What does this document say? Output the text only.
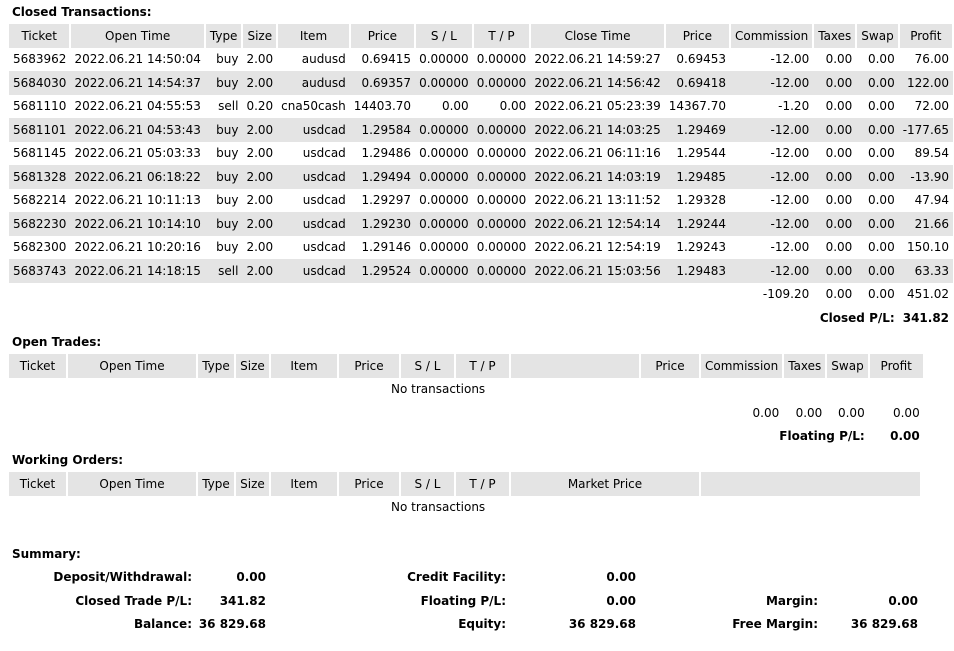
Closed Transactions:
Ticket	Open Time	Type	Size	Item	Price	S / L	T / P	Close Time	Price	Commission	Taxes	Swap	Profit
5683962	2022.06.21 14:50:04	buy	2.00	audusd	0.69415	0.00000	0.00000	2022.06.21 14:59:27	0.69453	-12.00	0.00	0.00	76.00
5684030	2022.06.21 14:54:37	buy	2.00	audusd	0.69357	0.00000	0.00000	2022.06.21 14:56:42	0.69418	-12.00	0.00	0.00	122.00
5681110	2022.06.21 04:55:53	sell	0.20	cna50cash	14403.70	0.00	0.00	2022.06.21 05:23:39	14367.70	-1.20	0.00	0.00	72.00
5681101	2022.06.21 04:53:43	buy	2.00	usdcad	1.29584	0.00000	0.00000	2022.06.21 14:03:25	1.29469	-12.00	0.00	0.00	-177.65
5681145	2022.06.21 05:03:33	buy	2.00	usdcad	1.29486	0.00000	0.00000	2022.06.21 06:11:16	1.29544	-12.00	0.00	0.00	89.54
5681328	2022.06.21 06:18:22	buy	2.00	usdcad	1.29494	0.00000	0.00000	2022.06.21 14:03:19	1.29485	-12.00	0.00	0.00	-13.90
5682214	2022.06.21 10:11:13	buy	2.00	usdcad	1.29297	0.00000	0.00000	2022.06.21 13:11:52	1.29328	-12.00	0.00	0.00	47.94
5682230	2022.06.21 10:14:10	buy	2.00	usdcad	1.29230	0.00000	0.00000	2022.06.21 12:54:14	1.29244	-12.00	0.00	0.00	21.66
5682300	2022.06.21 10:20:16	buy	2.00	usdcad	1.29146	0.00000	0.00000	2022.06.21 12:54:19	1.29243	-12.00	0.00	0.00	150.10
5683743	2022.06.21 14:18:15	sell	2.00	usdcad	1.29524	0.00000	0.00000	2022.06.21 15:03:56	1.29483	-12.00	0.00	0.00	63.33
										-109.20	0.00	0.00	451.02
										Closed P/L:			341.82
Open Trades:
Ticket	Open Time	Type	Size	Item	Price	S / L	T / P		Price	Commission	Taxes	Swap	Profit
No transactions													
										0.00	0.00	0.00	0.00
										Floating P/L:			0.00
Working Orders:
Ticket	Open Time	Type	Size	Item	Price	S / L	T / P	Market Price	
No transactions
Summary:
Deposit/Withdrawal:	0.00
Closed Trade P/L:	341.82
Balance: 36 829.68
Credit Facility:	0.00
Floating P/L:	0.00
Equity:	36 829.68
Margin:	0.00
Free Margin:	36 829.68
